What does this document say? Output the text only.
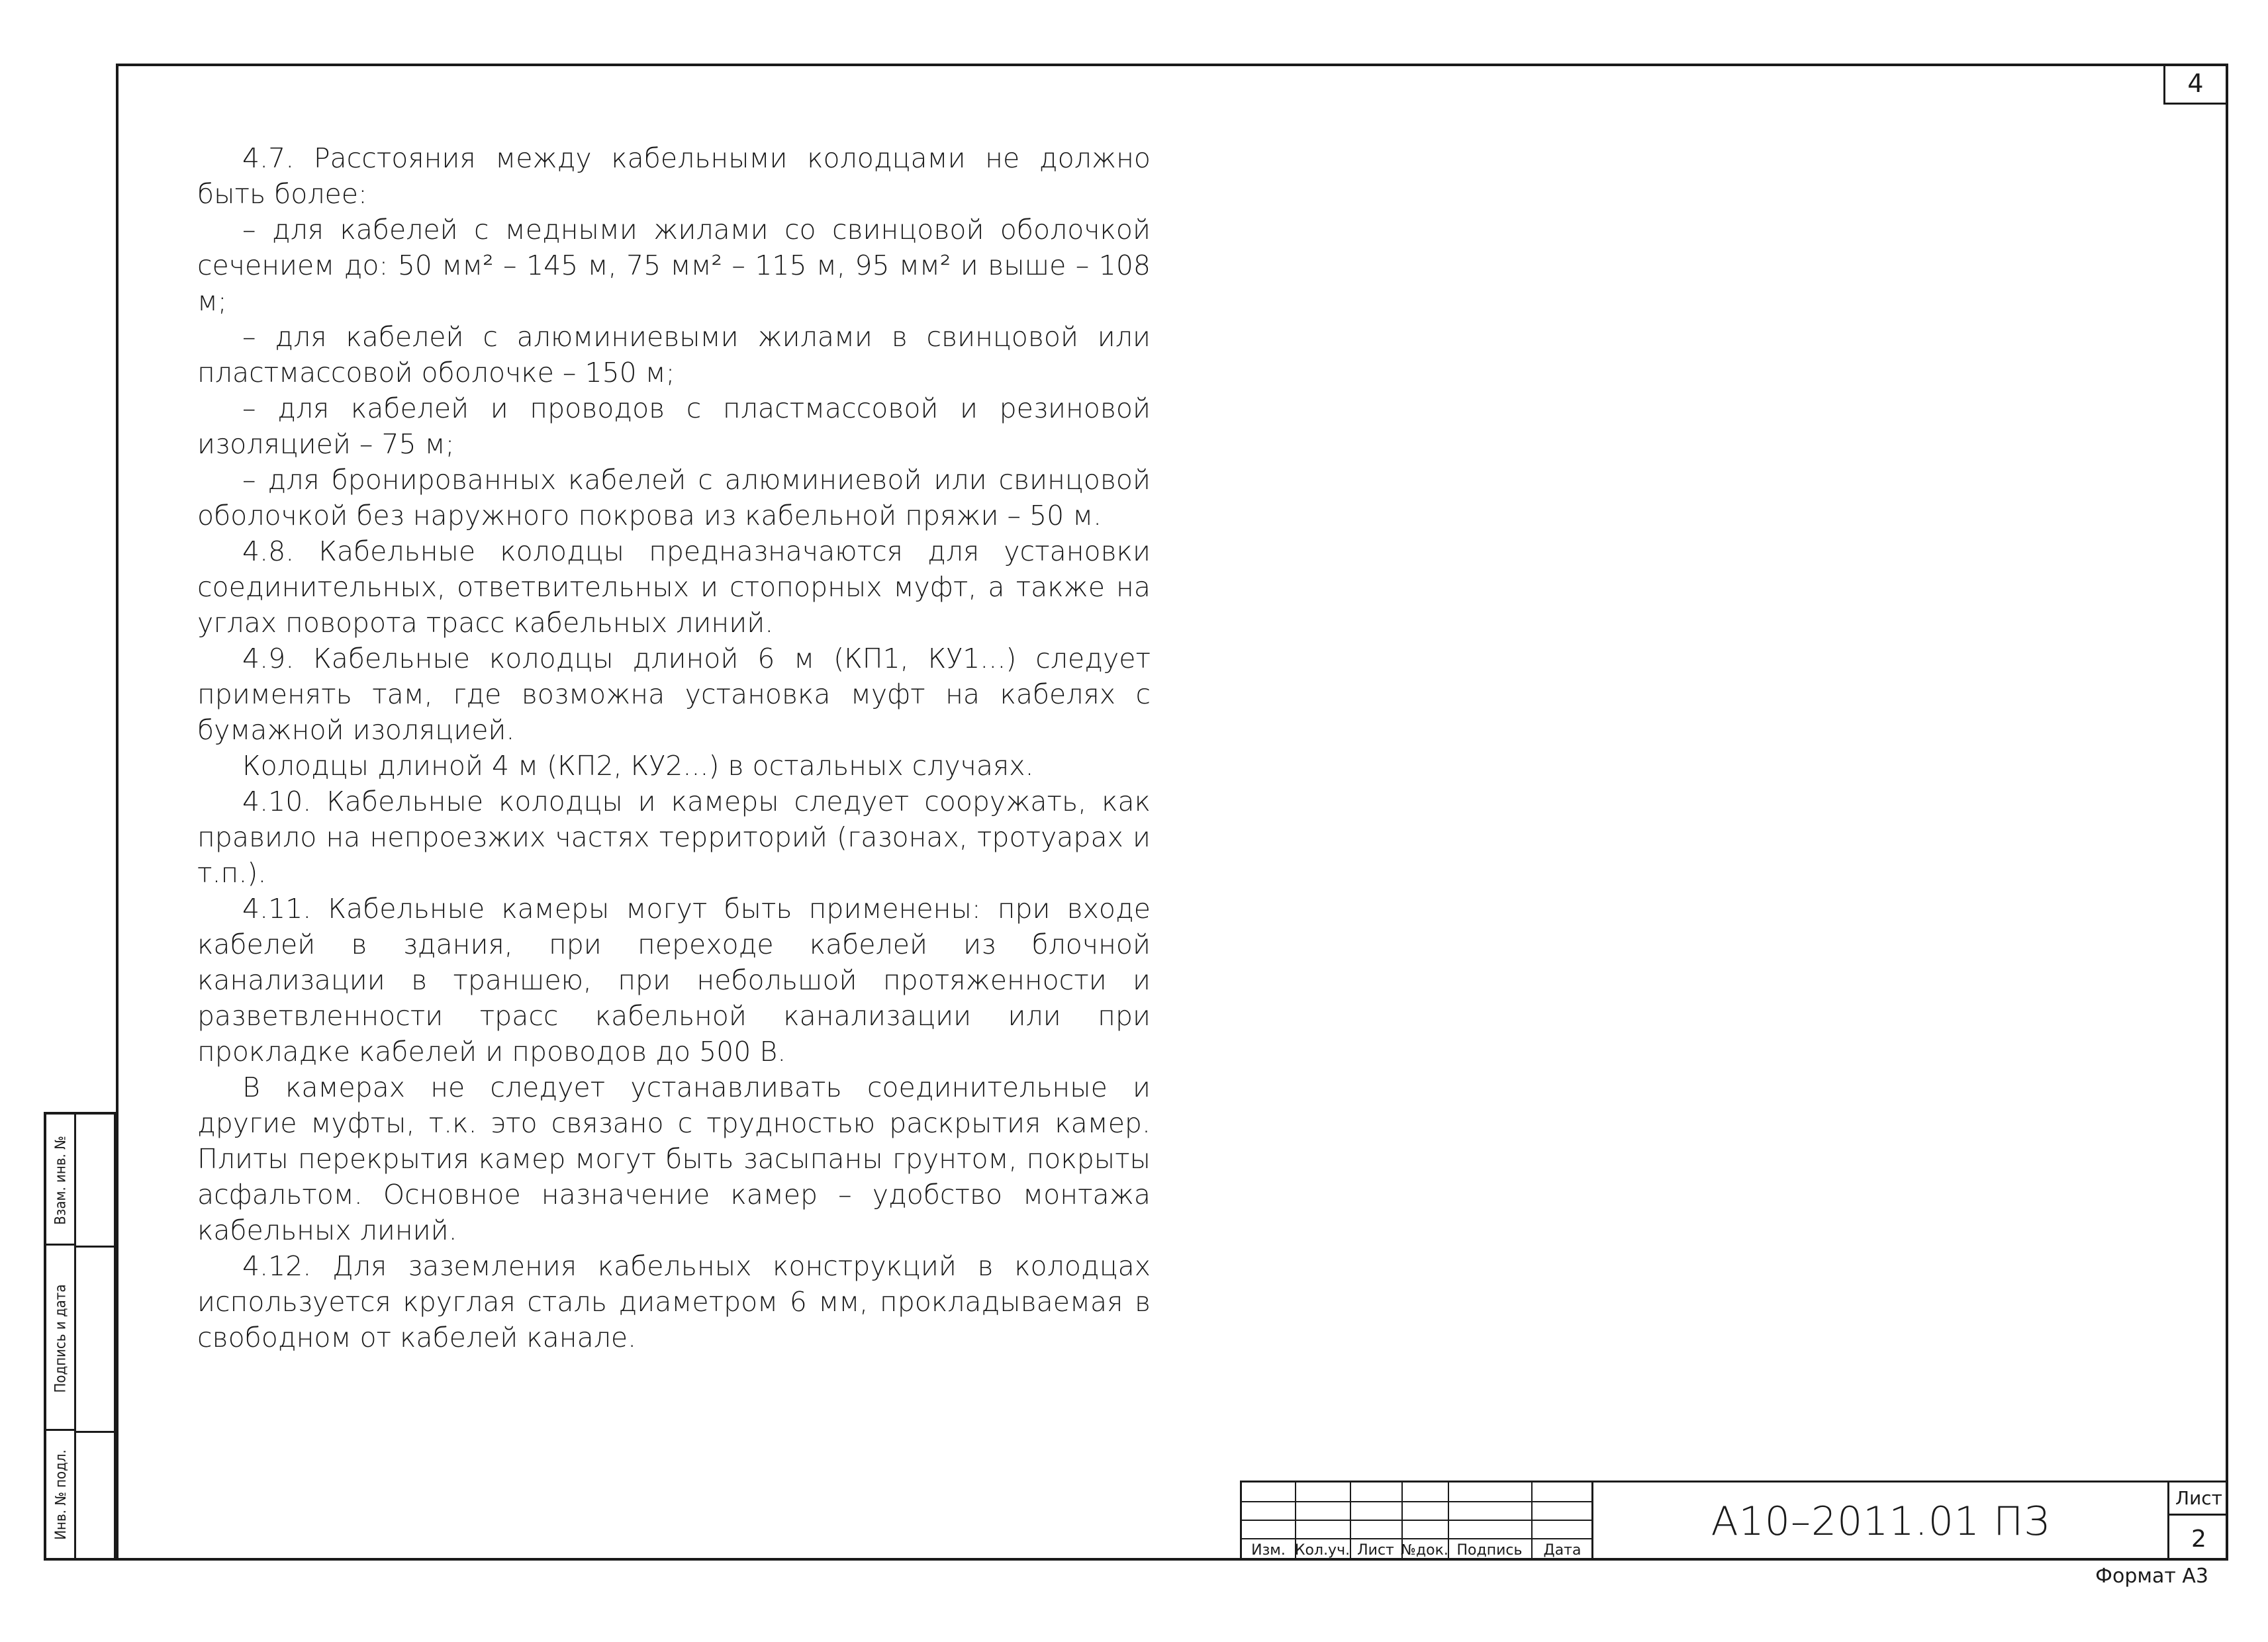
4
Взам. инв. №
Подпись и дата
Инв. № подл.

4.7. Расстояния между кабельными колодцами не должно быть более:

– для кабелей с медными жилами со свинцовой оболочкой сечением до: 50 мм² – 145 м, 75 мм² – 115 м, 95 мм² и выше – 108 м;

– для кабелей с алюминиевыми жилами в свинцовой или пластмассовой оболочке – 150 м;

– для кабелей и проводов с пластмассовой и резиновой изоляцией – 75 м;

– для бронированных кабелей с алюминиевой или свинцовой оболочкой без наружного покрова из кабельной пряжи – 50 м.

4.8. Кабельные колодцы предназначаются для установки соединительных, ответвительных и стопорных муфт, а также на углах поворота трасс кабельных линий.

4.9. Кабельные колодцы длиной 6 м (КП1, КУ1...) следует применять там, где возможна установка муфт на кабелях с бумажной изоляцией.

Колодцы длиной 4 м (КП2, КУ2...) в остальных случаях.

4.10. Кабельные колодцы и камеры следует сооружать, как правило на непроезжих частях территорий (газонах, тротуарах и т.п.).

4.11. Кабельные камеры могут быть применены: при входе кабелей в здания, при переходе кабелей из блочной канализации в траншею, при небольшой протяженности и разветвленности трасс кабельной канализации или при прокладке кабелей и проводов до 500 В.

В камерах не следует устанавливать соединительные и другие муфты, т.к. это связано с трудностью раскрытия камер. Плиты перекрытия камер могут быть засыпаны грунтом, покрыты асфальтом. Основное назначение камер – удобство монтажа кабельных линий.

4.12. Для заземления кабельных конструкций в колодцах используется круглая сталь диаметром 6 мм, прокладываемая в свободном от кабелей канале.

Изм. Кол.уч. Лист №док. Подпись	Дата
А10–2011.01 ПЗ
Лист
2
Формат А3
